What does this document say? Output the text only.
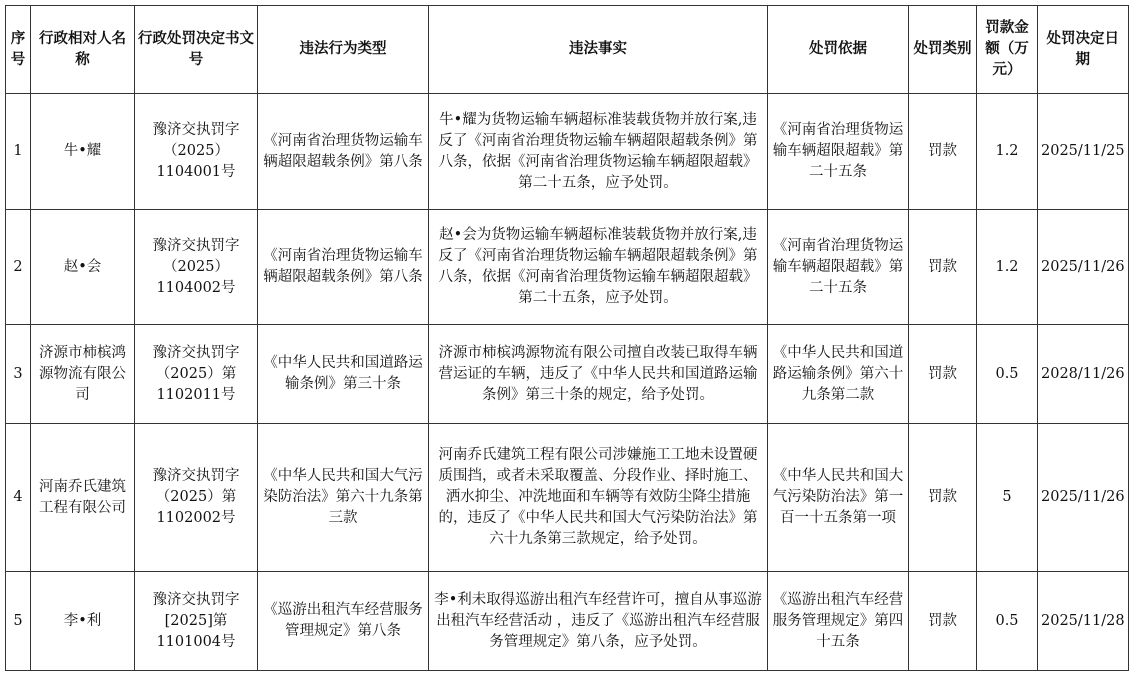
序号	行政相对人名称	行政处罚决定书文号	违法行为类型	违法事实	处罚依据	处罚类别	罚款金额（万元）	处罚决定日期
1	牛•耀	豫济交执罚字（2025）1104001号	《河南省治理货物运输车辆超限超载条例》第八条	牛•耀为货物运输车辆超标准装载货物并放行案,违反了《河南省治理货物运输车辆超限超载条例》第八条，依据《河南省治理货物运输车辆超限超载》第二十五条，应予处罚。	《河南省治理货物运输车辆超限超载》第二十五条	罚款	1.2	2025/11/25
2	赵•会	豫济交执罚字（2025）1104002号	《河南省治理货物运输车辆超限超载条例》第八条	赵•会为货物运输车辆超标准装载货物并放行案,违反了《河南省治理货物运输车辆超限超载条例》第八条，依据《河南省治理货物运输车辆超限超载》第二十五条，应予处罚。	《河南省治理货物运输车辆超限超载》第二十五条	罚款	1.2	2025/11/26
3	济源市柿槟鸿源物流有限公司	豫济交执罚字（2025）第1102011号	《中华人民共和国道路运输条例》第三十条	济源市柿槟鸿源物流有限公司擅自改装已取得车辆营运证的车辆，违反了《中华人民共和国道路运输条例》第三十条的规定，给予处罚。	《中华人民共和国道路运输条例》第六十九条第二款	罚款	0.5	2028/11/26
4	河南乔氏建筑工程有限公司	豫济交执罚字（2025）第1102002号	《中华人民共和国大气污染防治法》第六十九条第三款	河南乔氏建筑工程有限公司涉嫌施工工地未设置硬质围挡，或者未采取覆盖、分段作业、择时施工、洒水抑尘、冲洗地面和车辆等有效防尘降尘措施的，违反了《中华人民共和国大气污染防治法》第六十九条第三款规定，给予处罚。	《中华人民共和国大气污染防治法》第一百一十五条第一项	罚款	5	2025/11/26
5	李•利	豫济交执罚字[2025]第1101004号	《巡游出租汽车经营服务管理规定》第八条	李•利未取得巡游出租汽车经营许可，擅自从事巡游出租汽车经营活动 ，违反了《巡游出租汽车经营服务管理规定》第八条，应予处罚。	《巡游出租汽车经营服务管理规定》第四十五条	罚款	0.5	2025/11/28
